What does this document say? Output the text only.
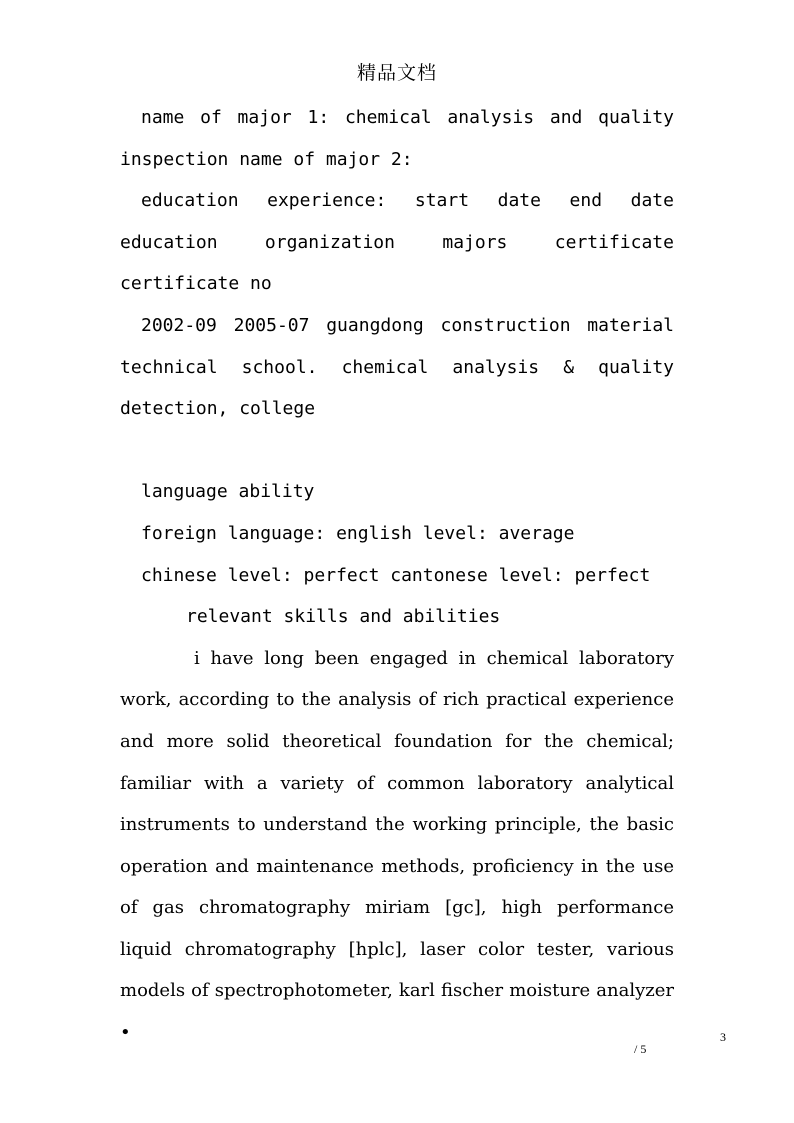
精品文档

name of major 1: chemical analysis and quality inspection name of major 2:

education experience: start date end date education organization majors certificate certificate no

2002-09 2005-07 guangdong construction material technical school. chemical analysis & quality detection, college

language ability

foreign language: english level: average

chinese level: perfect cantonese level: perfect

relevant skills and abilities

i have long been engaged in chemical laboratory work, according to the analysis of rich practical experience and more solid theoretical foundation for the chemical; familiar with a variety of common laboratory analytical instruments to understand the working principle, the basic operation and maintenance methods, proficiency in the use of gas chromatography miriam [gc], high performance liquid chromatography [hplc], laser color tester, various models of spectrophotometer, karl fischer moisture analyzer •	3
/ 5
